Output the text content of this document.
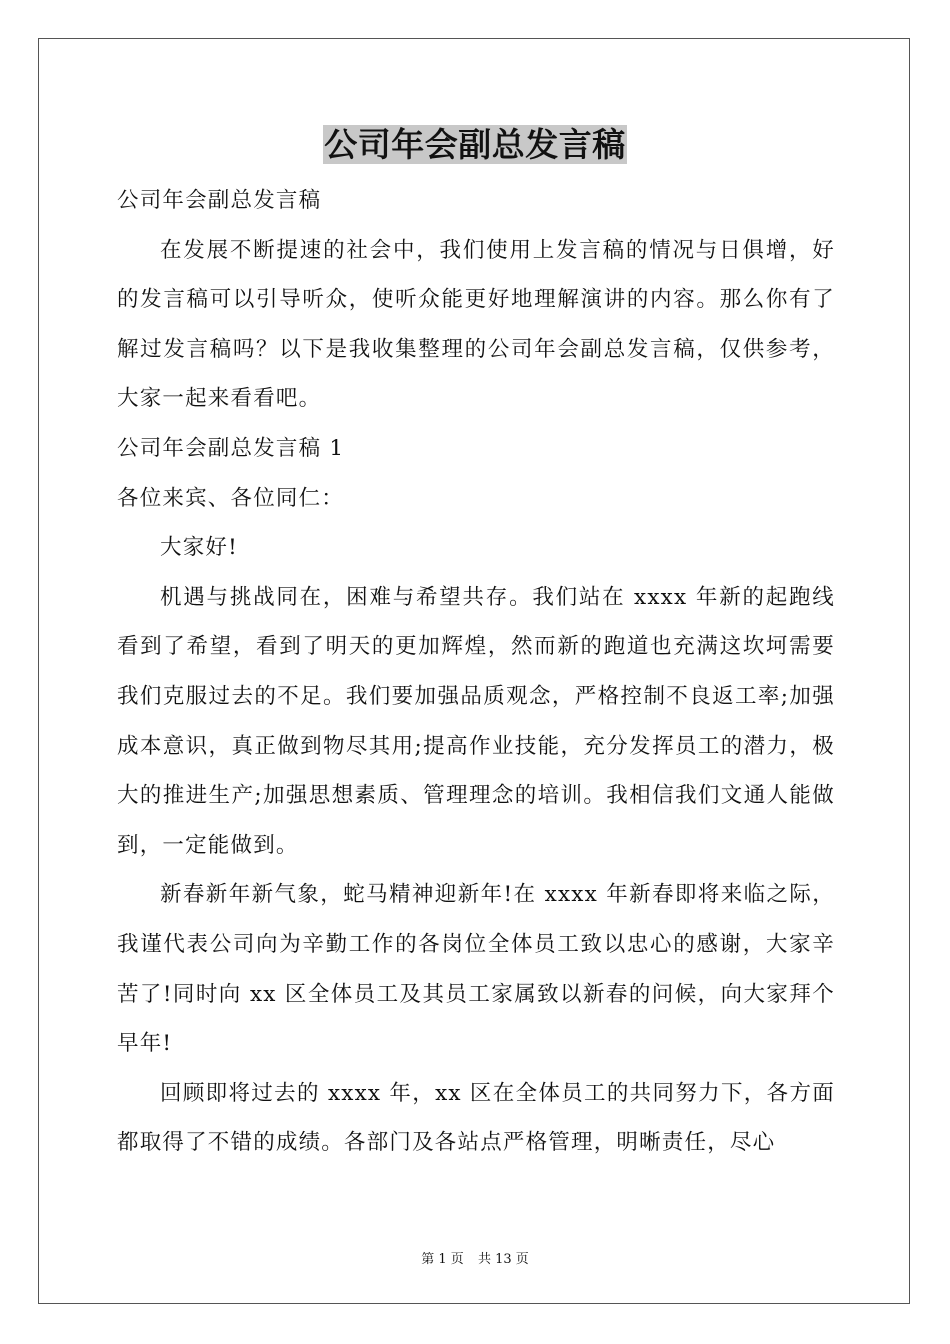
公司年会副总发言稿

公司年会副总发言稿

在发展不断提速的社会中，我们使用上发言稿的情况与日俱增，好的发言稿可以引导听众，使听众能更好地理解演讲的内容。那么你有了解过发言稿吗？以下是我收集整理的公司年会副总发言稿，仅供参考，大家一起来看看吧。

公司年会副总发言稿 1

各位来宾、各位同仁：

大家好!

机遇与挑战同在，困难与希望共存。我们站在 xxxx 年新的起跑线看到了希望，看到了明天的更加辉煌，然而新的跑道也充满这坎坷需要我们克服过去的不足。我们要加强品质观念，严格控制不良返工率;加强成本意识，真正做到物尽其用;提高作业技能，充分发挥员工的潜力，极大的推进生产;加强思想素质、管理理念的培训。我相信我们文通人能做到，一定能做到。

新春新年新气象，蛇马精神迎新年!在 xxxx 年新春即将来临之际，我谨代表公司向为辛勤工作的各岗位全体员工致以忠心的感谢，大家辛苦了!同时向 xx 区全体员工及其员工家属致以新春的问候，向大家拜个早年!

回顾即将过去的 xxxx 年，xx 区在全体员工的共同努力下，各方面都取得了不错的成绩。各部门及各站点严格管理，明晰责任，尽心

第 1 页 共 13 页
